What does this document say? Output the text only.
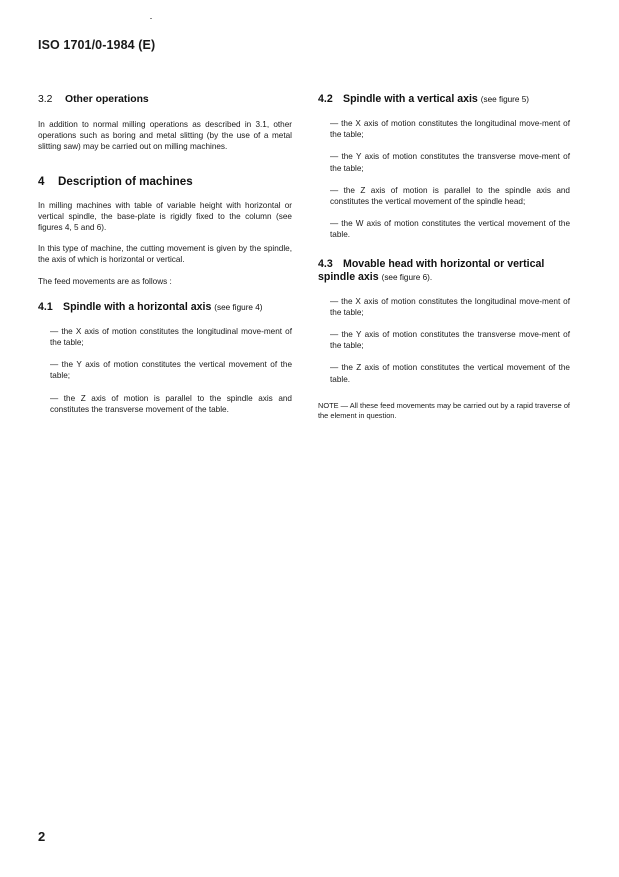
ISO 1701/0-1984 (E)
3.2 Other operations

In addition to normal milling operations as described in 3.1, other operations such as boring and metal slitting (by the use of a metal slitting saw) may be carried out on milling machines.

4 Description of machines

In milling machines with table of variable height with horizontal or vertical spindle, the base-plate is rigidly fixed to the column (see figures 4, 5 and 6).

In this type of machine, the cutting movement is given by the spindle, the axis of which is horizontal or vertical.

The feed movements are as follows :

4.1 Spindle with a horizontal axis (see figure 4)
— the X axis of motion constitutes the longitudinal move-ment of the table;
— the Y axis of motion constitutes the vertical movement of the table;
— the Z axis of motion is parallel to the spindle axis and constitutes the transverse movement of the table.
4.2 Spindle with a vertical axis (see figure 5)
— the X axis of motion constitutes the longitudinal move-ment of the table;
— the Y axis of motion constitutes the transverse move-ment of the table;
— the Z axis of motion is parallel to the spindle axis and constitutes the vertical movement of the spindle head;
— the W axis of motion constitutes the vertical movement of the table.
4.3 Movable head with horizontal or vertical spindle axis (see figure 6).
— the X axis of motion constitutes the longitudinal move-ment of the table;
— the Y axis of motion constitutes the transverse move-ment of the table;
— the Z axis of motion constitutes the vertical movement of the table.

NOTE — All these feed movements may be carried out by a rapid traverse of the element in question.

2
